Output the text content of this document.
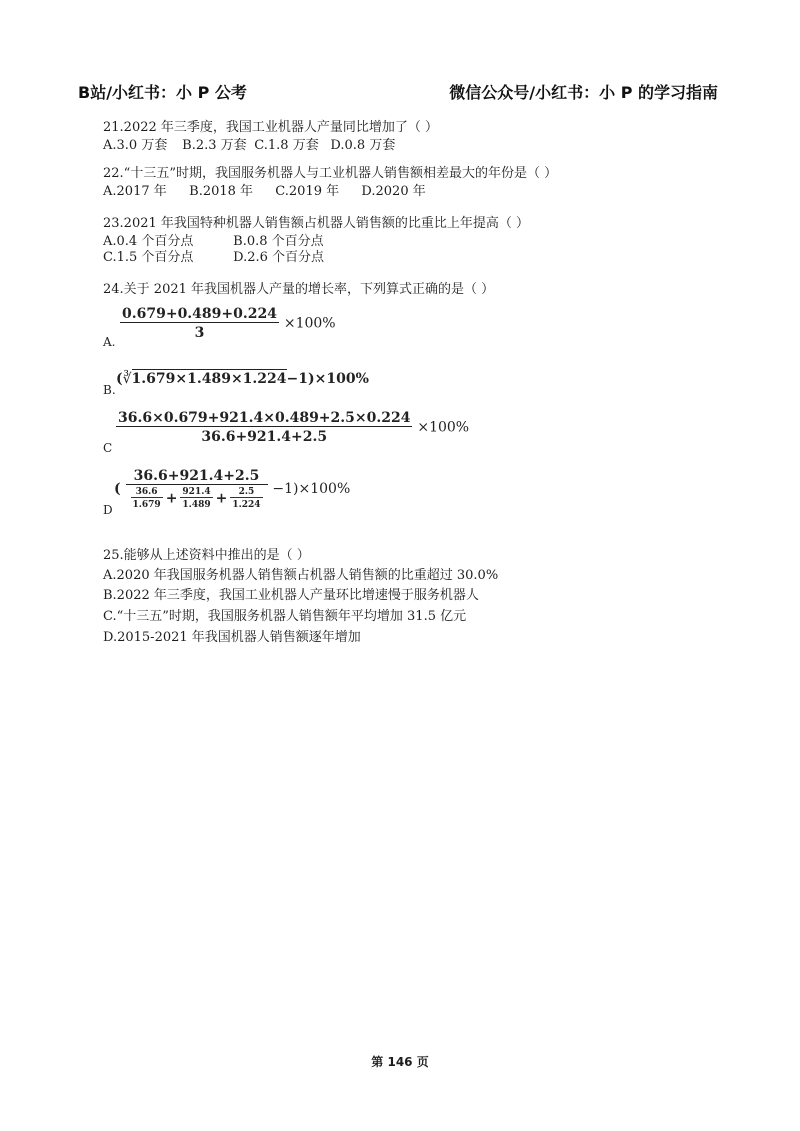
B站/小红书：小 P 公考	微信公众号/小红书：小 P 的学习指南
21.2022 年三季度，我国工业机器人产量同比增加了（ ）
A.3.0 万套 B.2.3 万套 C.1.8 万套 D.0.8 万套
22.“十三五”时期，我国服务机器人与工业机器人销售额相差最大的年份是（ ）
A.2017 年 B.2018 年 C.2019 年 D.2020 年
23.2021 年我国特种机器人销售额占机器人销售额的比重比上年提高（ ）
A.0.4 个百分点	B.0.8 个百分点
C.1.5 个百分点	D.2.6 个百分点
24.关于 2021 年我国机器人产量的增长率，下列算式正确的是（ ）
A.
$\frac{0.679+0.489+0.224}{3} \times 100\%$
B.
(∛1.679×1.489×1.224−1)×100%
C
$\frac{36.6\times 0.679+921.4\times 0.489+2.5\times 0.224}{36.6+921.4+2.5} \times 100\%$
D
(
36.6+921.4+2.5
$\frac{36.6}{1.679} + \frac{921.4}{1.489} + \frac{2.5}{1.224} -1)\times 100\%$
25.能够从上述资料中推出的是（ ）
A.2020 年我国服务机器人销售额占机器人销售额的比重超过 30.0%
B.2022 年三季度，我国工业机器人产量环比增速慢于服务机器人
C.“十三五”时期，我国服务机器人销售额年平均增加 31.5 亿元
D.2015-2021 年我国机器人销售额逐年增加
第 146 页
